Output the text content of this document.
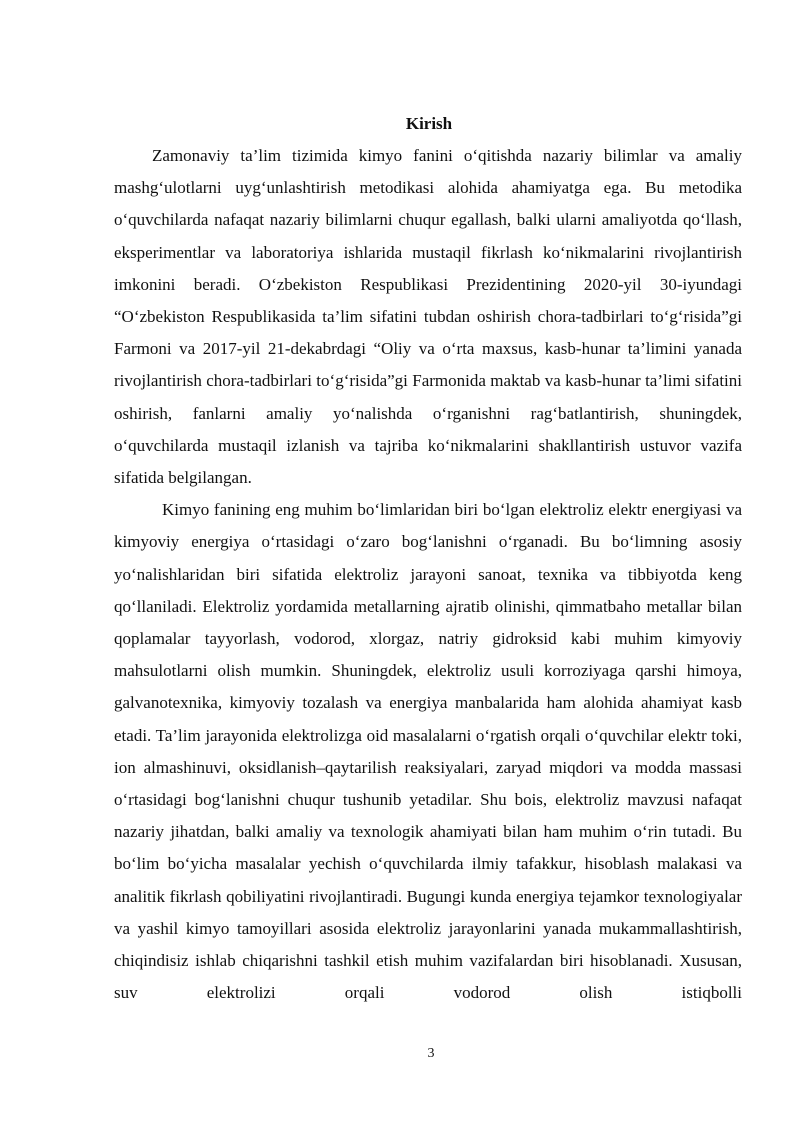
Kirish

Zamonaviy ta’lim tizimida kimyo fanini o‘qitishda nazariy bilimlar va amaliy mashg‘ulotlarni uyg‘unlashtirish metodikasi alohida ahamiyatga ega. Bu metodika o‘quvchilarda nafaqat nazariy bilimlarni chuqur egallash, balki ularni amaliyotda qo‘llash, eksperimentlar va laboratoriya ishlarida mustaqil fikrlash ko‘nikmalarini rivojlantirish imkonini beradi. O‘zbekiston Respublikasi Prezidentining 2020-yil 30-iyundagi “O‘zbekiston Respublikasida ta’lim sifatini tubdan oshirish chora-tadbirlari to‘g‘risida”gi Farmoni va 2017-yil 21-dekabrdagi “Oliy va o‘rta maxsus, kasb-hunar ta’limini yanada rivojlantirish chora-tadbirlari to‘g‘risida”gi Farmonida maktab va kasb-hunar ta’limi sifatini oshirish, fanlarni amaliy yo‘nalishda o‘rganishni rag‘batlantirish, shuningdek, o‘quvchilarda mustaqil izlanish va tajriba ko‘nikmalarini shakllantirish ustuvor vazifa sifatida belgilangan.

Kimyo fanining eng muhim bo‘limlaridan biri bo‘lgan elektroliz elektr energiyasi va kimyoviy energiya o‘rtasidagi o‘zaro bog‘lanishni o‘rganadi. Bu bo‘limning asosiy yo‘nalishlaridan biri sifatida elektroliz jarayoni sanoat, texnika va tibbiyotda keng qo‘llaniladi. Elektroliz yordamida metallarning ajratib olinishi, qimmatbaho metallar bilan qoplamalar tayyorlash, vodorod, xlorgaz, natriy gidroksid kabi muhim kimyoviy mahsulotlarni olish mumkin. Shuningdek, elektroliz usuli korroziyaga qarshi himoya, galvanotexnika, kimyoviy tozalash va energiya manbalarida ham alohida ahamiyat kasb etadi. Ta’lim jarayonida elektrolizga oid masalalarni o‘rgatish orqali o‘quvchilar elektr toki, ion almashinuvi, oksidlanish–qaytarilish reaksiyalari, zaryad miqdori va modda massasi o‘rtasidagi bog‘lanishni chuqur tushunib yetadilar. Shu bois, elektroliz mavzusi nafaqat nazariy jihatdan, balki amaliy va texnologik ahamiyati bilan ham muhim o‘rin tutadi. Bu bo‘lim bo‘yicha masalalar yechish o‘quvchilarda ilmiy tafakkur, hisoblash malakasi va analitik fikrlash qobiliyatini rivojlantiradi. Bugungi kunda energiya tejamkor texnologiyalar va yashil kimyo tamoyillari asosida elektroliz jarayonlarini yanada mukammallashtirish, chiqindisiz ishlab chiqarishni tashkil etish muhim vazifalardan biri hisoblanadi. Xususan, suv elektrolizi orqali vodorod olish istiqbolli

3
